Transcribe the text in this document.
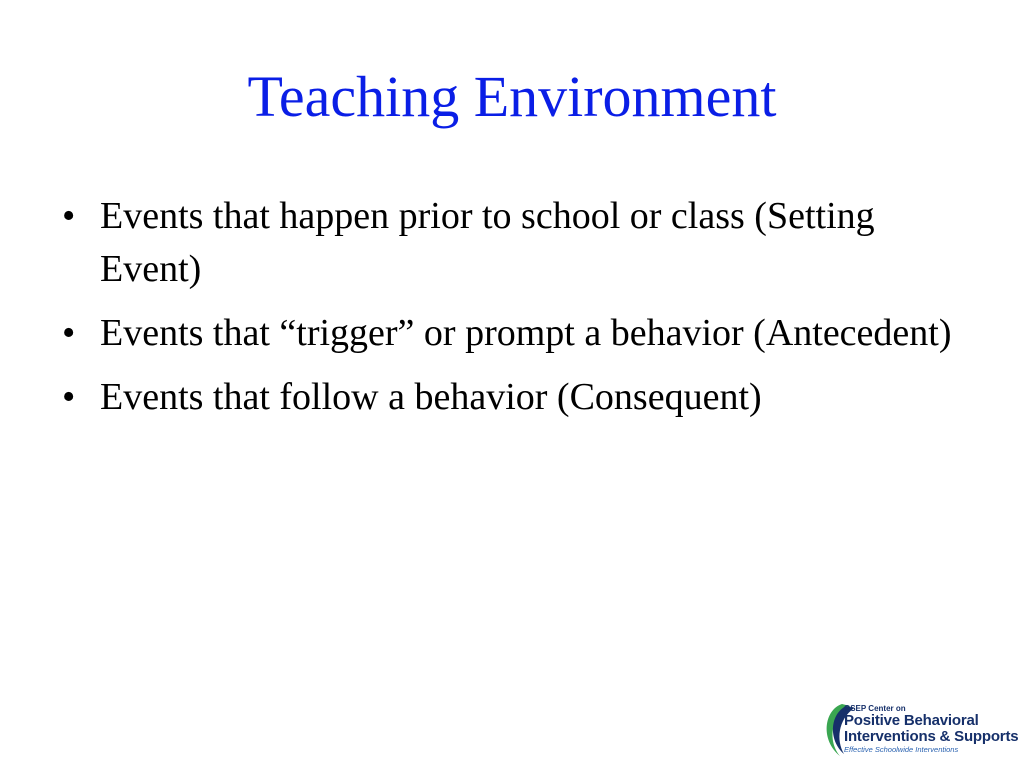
Teaching Environment
• Events that happen prior to school or class (Setting Event)
• Events that “trigger” or prompt a behavior (Antecedent)
• Events that follow a behavior (Consequent)
OSEP Center on
Positive Behavioral
Interventions & Supports
Effective Schoolwide Interventions
